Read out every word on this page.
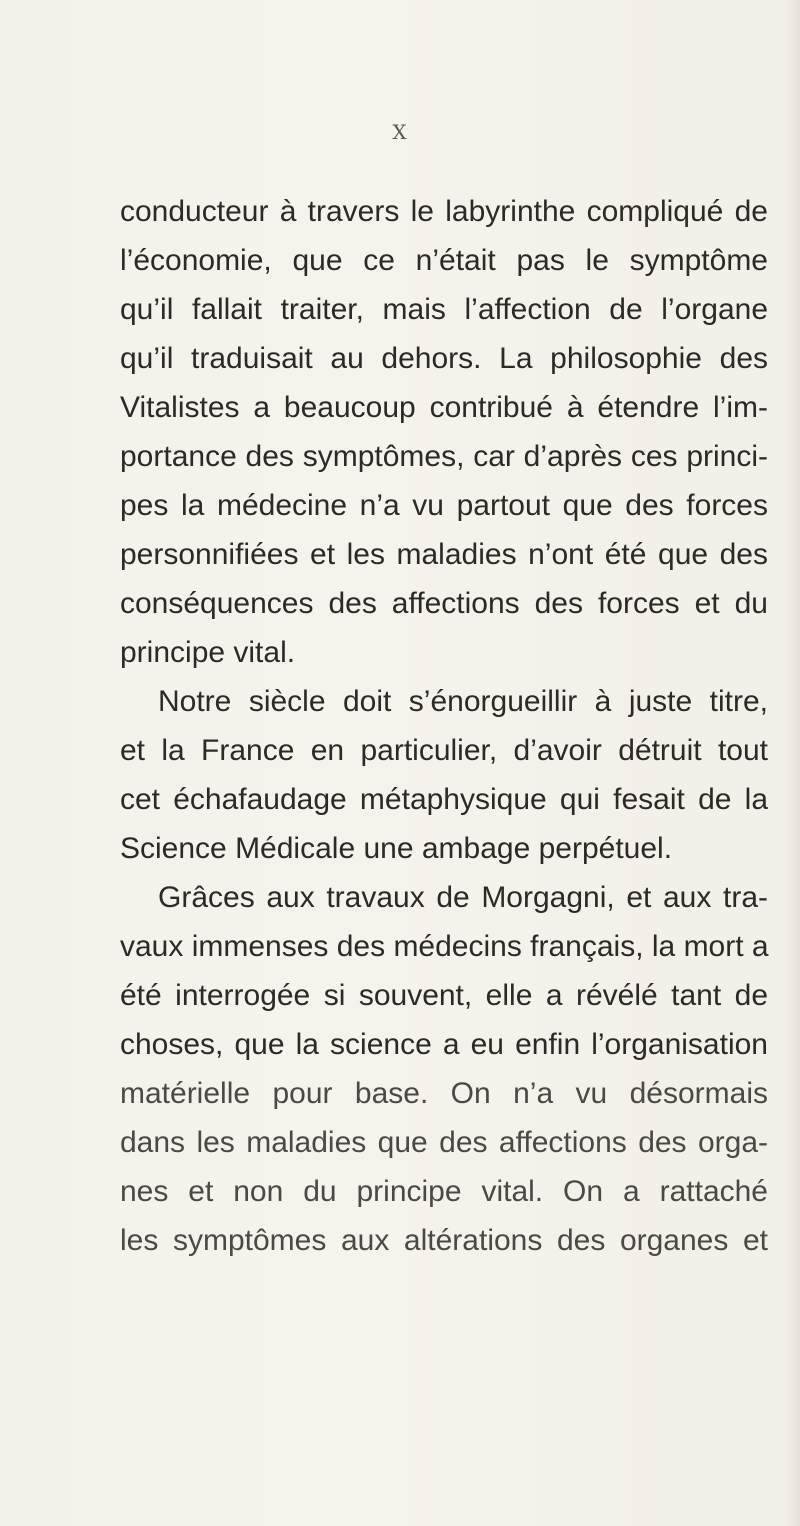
X
conducteur à travers le labyrinthe compliqué de
l’économie, que ce n’était pas le symptôme
qu’il fallait traiter, mais l’affection de l’organe
qu’il traduisait au dehors. La philosophie des
Vitalistes a beaucoup contribué à étendre l’im-
portance des symptômes, car d’après ces princi-
pes la médecine n’a vu partout que des forces
personnifiées et les maladies n’ont été que des
conséquences des affections des forces et du
principe vital.
Notre siècle doit s’énorgueillir à juste titre,
et la France en particulier, d’avoir détruit tout
cet échafaudage métaphysique qui fesait de la
Science Médicale une ambage perpétuel.
Grâces aux travaux de Morgagni, et aux tra-
vaux immenses des médecins français, la mort a
été interrogée si souvent, elle a révélé tant de
choses, que la science a eu enfin l’organisation
matérielle pour base. On n’a vu désormais
dans les maladies que des affections des orga-
nes et non du principe vital. On a rattaché
les symptômes aux altérations des organes et
